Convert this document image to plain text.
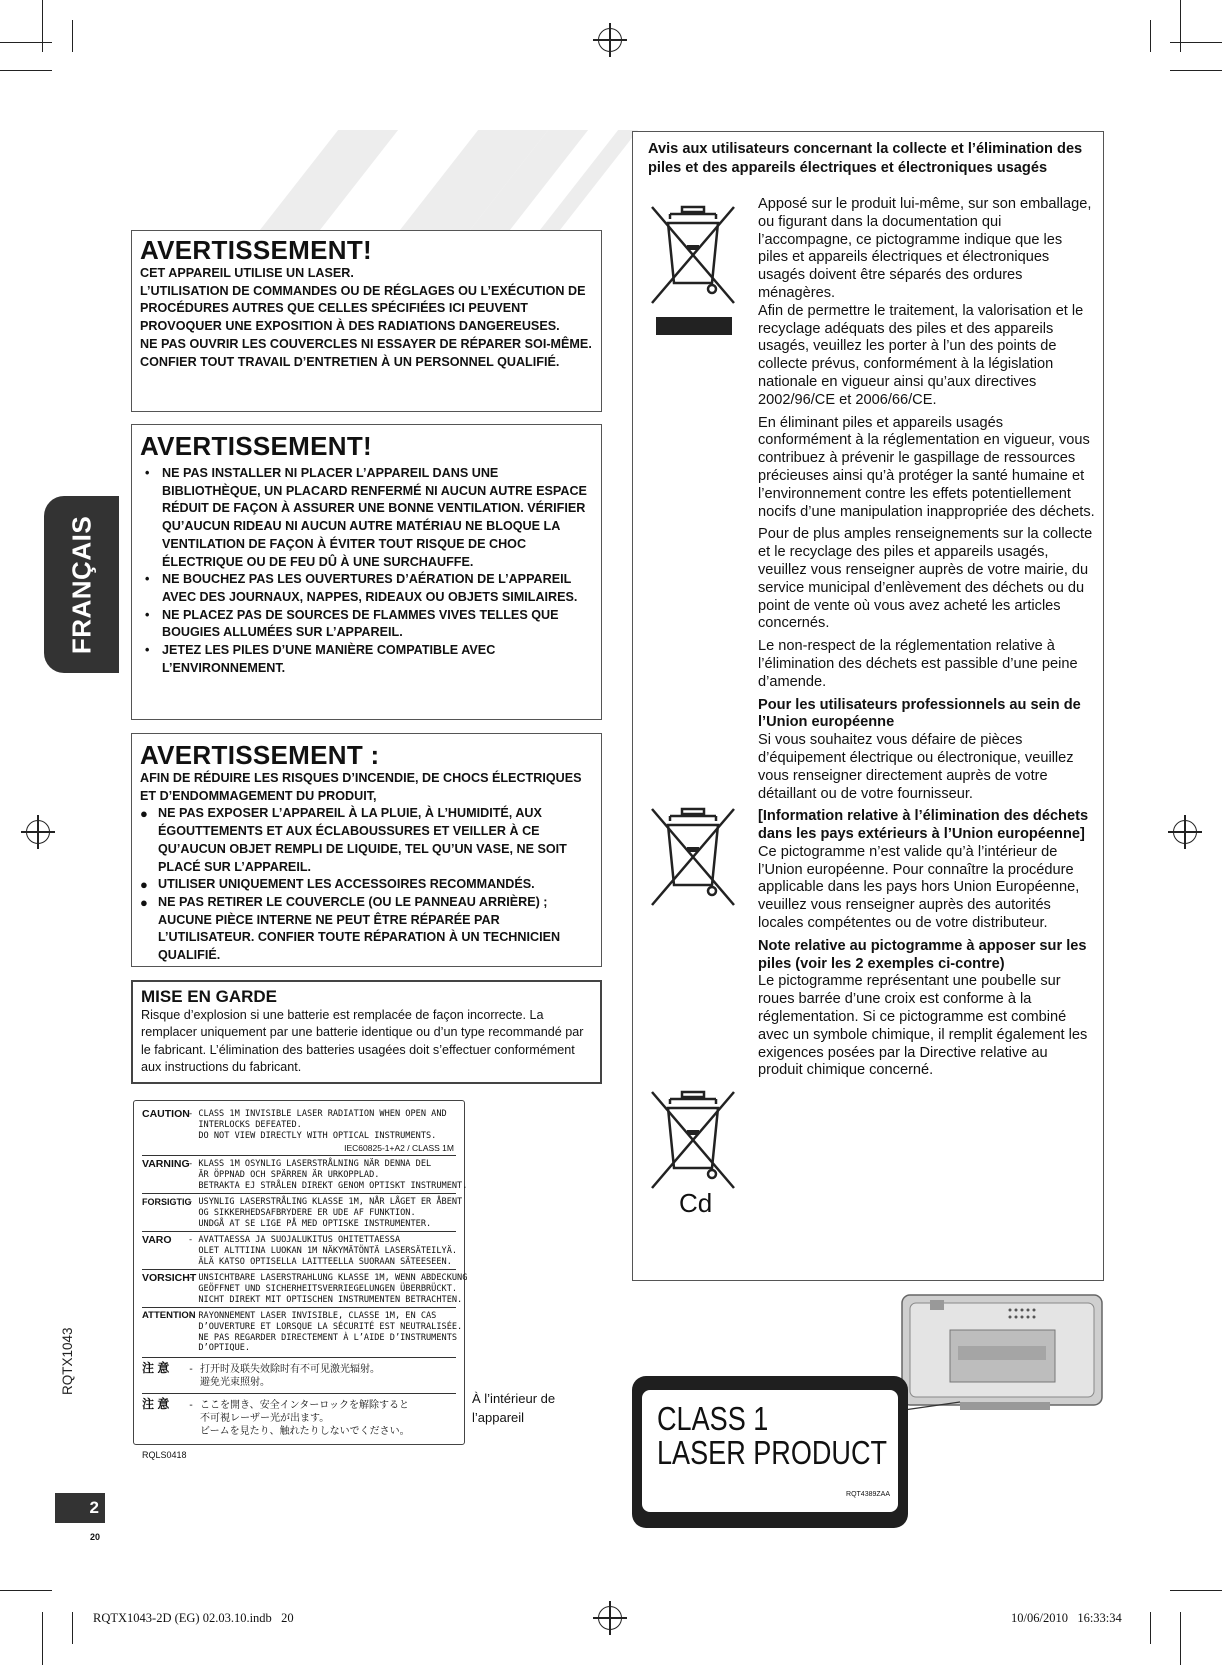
FRANÇAIS
RQTX1043
2
20
AVERTISSEMENT!

CET APPAREIL UTILISE UN LASER.

L’UTILISATION DE COMMANDES OU DE RÉGLAGES OU L’EXÉCUTION DE PROCÉDURES AUTRES QUE CELLES SPÉCIFIÉES ICI PEUVENT PROVOQUER UNE EXPOSITION À DES RADIATIONS DANGEREUSES.

NE PAS OUVRIR LES COUVERCLES NI ESSAYER DE RÉPARER SOI-MÊME. CONFIER TOUT TRAVAIL D’ENTRETIEN À UN PERSONNEL QUALIFIÉ.

AVERTISSEMENT!
• NE PAS INSTALLER NI PLACER L’APPAREIL DANS UNE BIBLIOTHÈQUE, UN PLACARD RENFERMÉ NI AUCUN AUTRE ESPACE RÉDUIT DE FAÇON À ASSURER UNE BONNE VENTILATION. VÉRIFIER QU’AUCUN RIDEAU NI AUCUN AUTRE MATÉRIAU NE BLOQUE LA VENTILATION DE FAÇON À ÉVITER TOUT RISQUE DE CHOC ÉLECTRIQUE OU DE FEU DÛ À UNE SURCHAUFFE.
• NE BOUCHEZ PAS LES OUVERTURES D’AÉRATION DE L’APPAREIL AVEC DES JOURNAUX, NAPPES, RIDEAUX OU OBJETS SIMILAIRES.
• NE PLACEZ PAS DE SOURCES DE FLAMMES VIVES TELLES QUE BOUGIES ALLUMÉES SUR L’APPAREIL.
• JETEZ LES PILES D’UNE MANIÈRE COMPATIBLE AVEC L’ENVIRONNEMENT.
AVERTISSEMENT :

AFIN DE RÉDUIRE LES RISQUES D’INCENDIE, DE CHOCS ÉLECTRIQUES ET D’ENDOMMAGEMENT DU PRODUIT,

● NE PAS EXPOSER L’APPAREIL À LA PLUIE, À L’HUMIDITÉ, AUX ÉGOUTTEMENTS ET AUX ÉCLABOUSSURES ET VEILLER À CE QU’AUCUN OBJET REMPLI DE LIQUIDE, TEL QU’UN VASE, NE SOIT PLACÉ SUR L’APPAREIL.
● UTILISER UNIQUEMENT LES ACCESSOIRES RECOMMANDÉS.
● NE PAS RETIRER LE COUVERCLE (OU LE PANNEAU ARRIÈRE) ; AUCUNE PIÈCE INTERNE NE PEUT ÊTRE RÉPARÉE PAR L’UTILISATEUR. CONFIER TOUTE RÉPARATION À UN TECHNICIEN QUALIFIÉ.
MISE EN GARDE
Risque d’explosion si une batterie est remplacée de façon incorrecte. La remplacer uniquement par une batterie identique ou d’un type recommandé par le fabricant. L’élimination des batteries usagées doit s’effectuer conformément aux instructions du fabricant.
CAUTION
- CLASS 1M INVISIBLE LASER RADIATION WHEN OPEN AND
INTERLOCKS DEFEATED.
DO NOT VIEW DIRECTLY WITH OPTICAL INSTRUMENTS.
IEC60825-1+A2 / CLASS 1M
VARNING
- KLASS 1M OSYNLIG LASERSTRÅLNING NÄR DENNA DEL
ÄR ÖPPNAD OCH SPÄRREN ÄR URKOPPLAD.
BETRAKTA EJ STRÅLEN DIREKT GENOM OPTISKT INSTRUMENT.
FORSIGTIG
- USYNLIG LASERSTRÅLING KLASSE 1M, NÅR LÅGET ER ÅBENT
OG SIKKERHEDSAFBRYDERE ER UDE AF FUNKTION.
UNDGÅ AT SE LIGE PÅ MED OPTISKE INSTRUMENTER.
VARO - AVATTAESSA JA SUOJALUKITUS OHITETTAESSA
OLET ALTTIINA LUOKAN 1M NÄKYMÄTÖNTÄ LASERSÄTEILYÄ.
ÄLÄ KATSO OPTISELLA LAITTEELLA SUORAAN SÄTEESEEN.
VORSICHT
- UNSICHTBARE LASERSTRAHLUNG KLASSE 1M, WENN ABDECKUNG
GEÖFFNET UND SICHERHEITSVERRIEGELUNGEN ÜBERBRÜCKT.
NICHT DIREKT MIT OPTISCHEN INSTRUMENTEN BETRACHTEN.
ATTENTION
- RAYONNEMENT LASER INVISIBLE, CLASSE 1M, EN CAS
D’OUVERTURE ET LORSQUE LA SÉCURITÉ EST NEUTRALISÉE.
NE PAS REGARDER DIRECTEMENT À L’AIDE D’INSTRUMENTS
D’OPTIQUE.
注 意 - 打开时及联失效除时有不可见激光辐射。
避免光束照射。
注 意 - ここを開き、安全インターロックを解除すると
不可視レーザー光が出ます。
ビームを見たり、触れたりしないでください。
RQLS0418
À l’intérieur de l’appareil
Avis aux utilisateurs concernant la collecte et l’élimination des piles et des appareils électriques et électroniques usagés

Apposé sur le produit lui-même, sur son emballage, ou figurant dans la documentation qui l’accompagne, ce pictogramme indique que les piles et appareils électriques et électroniques usagés doivent être séparés des ordures ménagères.

Afin de permettre le traitement, la valorisation et le recyclage adéquats des piles et des appareils usagés, veuillez les porter à l’un des points de collecte prévus, conformément à la législation nationale en vigueur ainsi qu’aux directives 2002/96/CE et 2006/66/CE.

En éliminant piles et appareils usagés conformément à la réglementation en vigueur, vous contribuez à prévenir le gaspillage de ressources précieuses ainsi qu’à protéger la santé humaine et l’environnement contre les effets potentiellement nocifs d’une manipulation inappropriée des déchets.

Pour de plus amples renseignements sur la collecte et le recyclage des piles et appareils usagés, veuillez vous renseigner auprès de votre mairie, du service municipal d’enlèvement des déchets ou du point de vente où vous avez acheté les articles concernés.

Le non-respect de la réglementation relative à l’élimination des déchets est passible d’une peine d’amende.

Pour les utilisateurs professionnels au sein de l’Union européenne

Si vous souhaitez vous défaire de pièces d’équipement électrique ou électronique, veuillez vous renseigner directement auprès de votre détaillant ou de votre fournisseur.

[Information relative à l’élimination des déchets dans les pays extérieurs à l’Union européenne]

Ce pictogramme n’est valide qu’à l’intérieur de l’Union européenne. Pour connaître la procédure applicable dans les pays hors Union Européenne, veuillez vous renseigner auprès des autorités locales compétentes ou de votre distributeur.

Note relative au pictogramme à apposer sur les piles (voir les 2 exemples ci-contre)

Le pictogramme représentant une poubelle sur roues barrée d’une croix est conforme à la réglementation. Si ce pictogramme est combiné avec un symbole chimique, il remplit également les exigences posées par la Directive relative au produit chimique concerné.

Cd
CLASS 1
LASER PRODUCT
RQT4389ZAA
RQTX1043-2D (EG) 02.03.10.indb   20	10/06/2010   16:33:34
